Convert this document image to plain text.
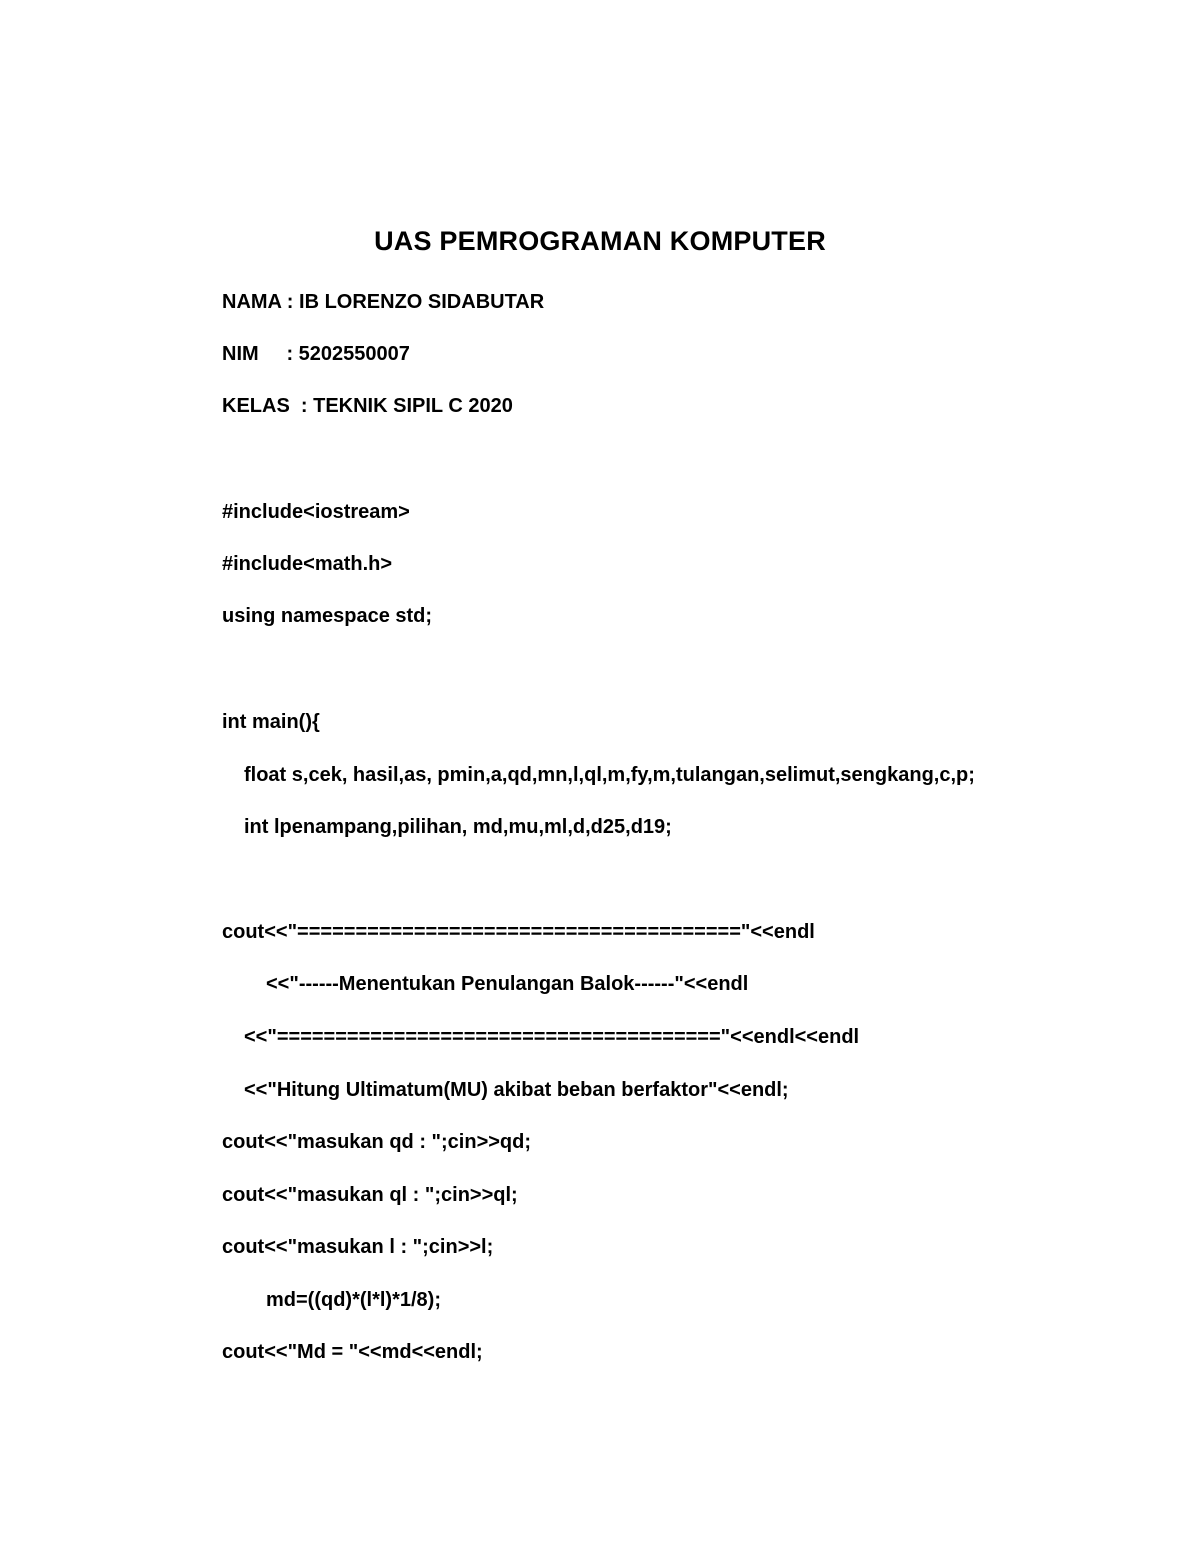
UAS PEMROGRAMAN KOMPUTER
NAMA : IB LORENZO SIDABUTAR
NIM     : 5202550007
KELAS  : TEKNIK SIPIL C 2020
#include<iostream>
#include<math.h>
using namespace std;
int main(){
float s,cek, hasil,as, pmin,a,qd,mn,l,ql,m,fy,m,tulangan,selimut,sengkang,c,p;
int lpenampang,pilihan, md,mu,ml,d,d25,d19;
cout<<"======================================"<<endl
<<"------Menentukan Penulangan Balok------"<<endl
<<"======================================"<<endl<<endl
<<"Hitung Ultimatum(MU) akibat beban berfaktor"<<endl;
cout<<"masukan qd : ";cin>>qd;
cout<<"masukan ql : ";cin>>ql;
cout<<"masukan l : ";cin>>l;
md=((qd)*(l*l)*1/8);
cout<<"Md = "<<md<<endl;
